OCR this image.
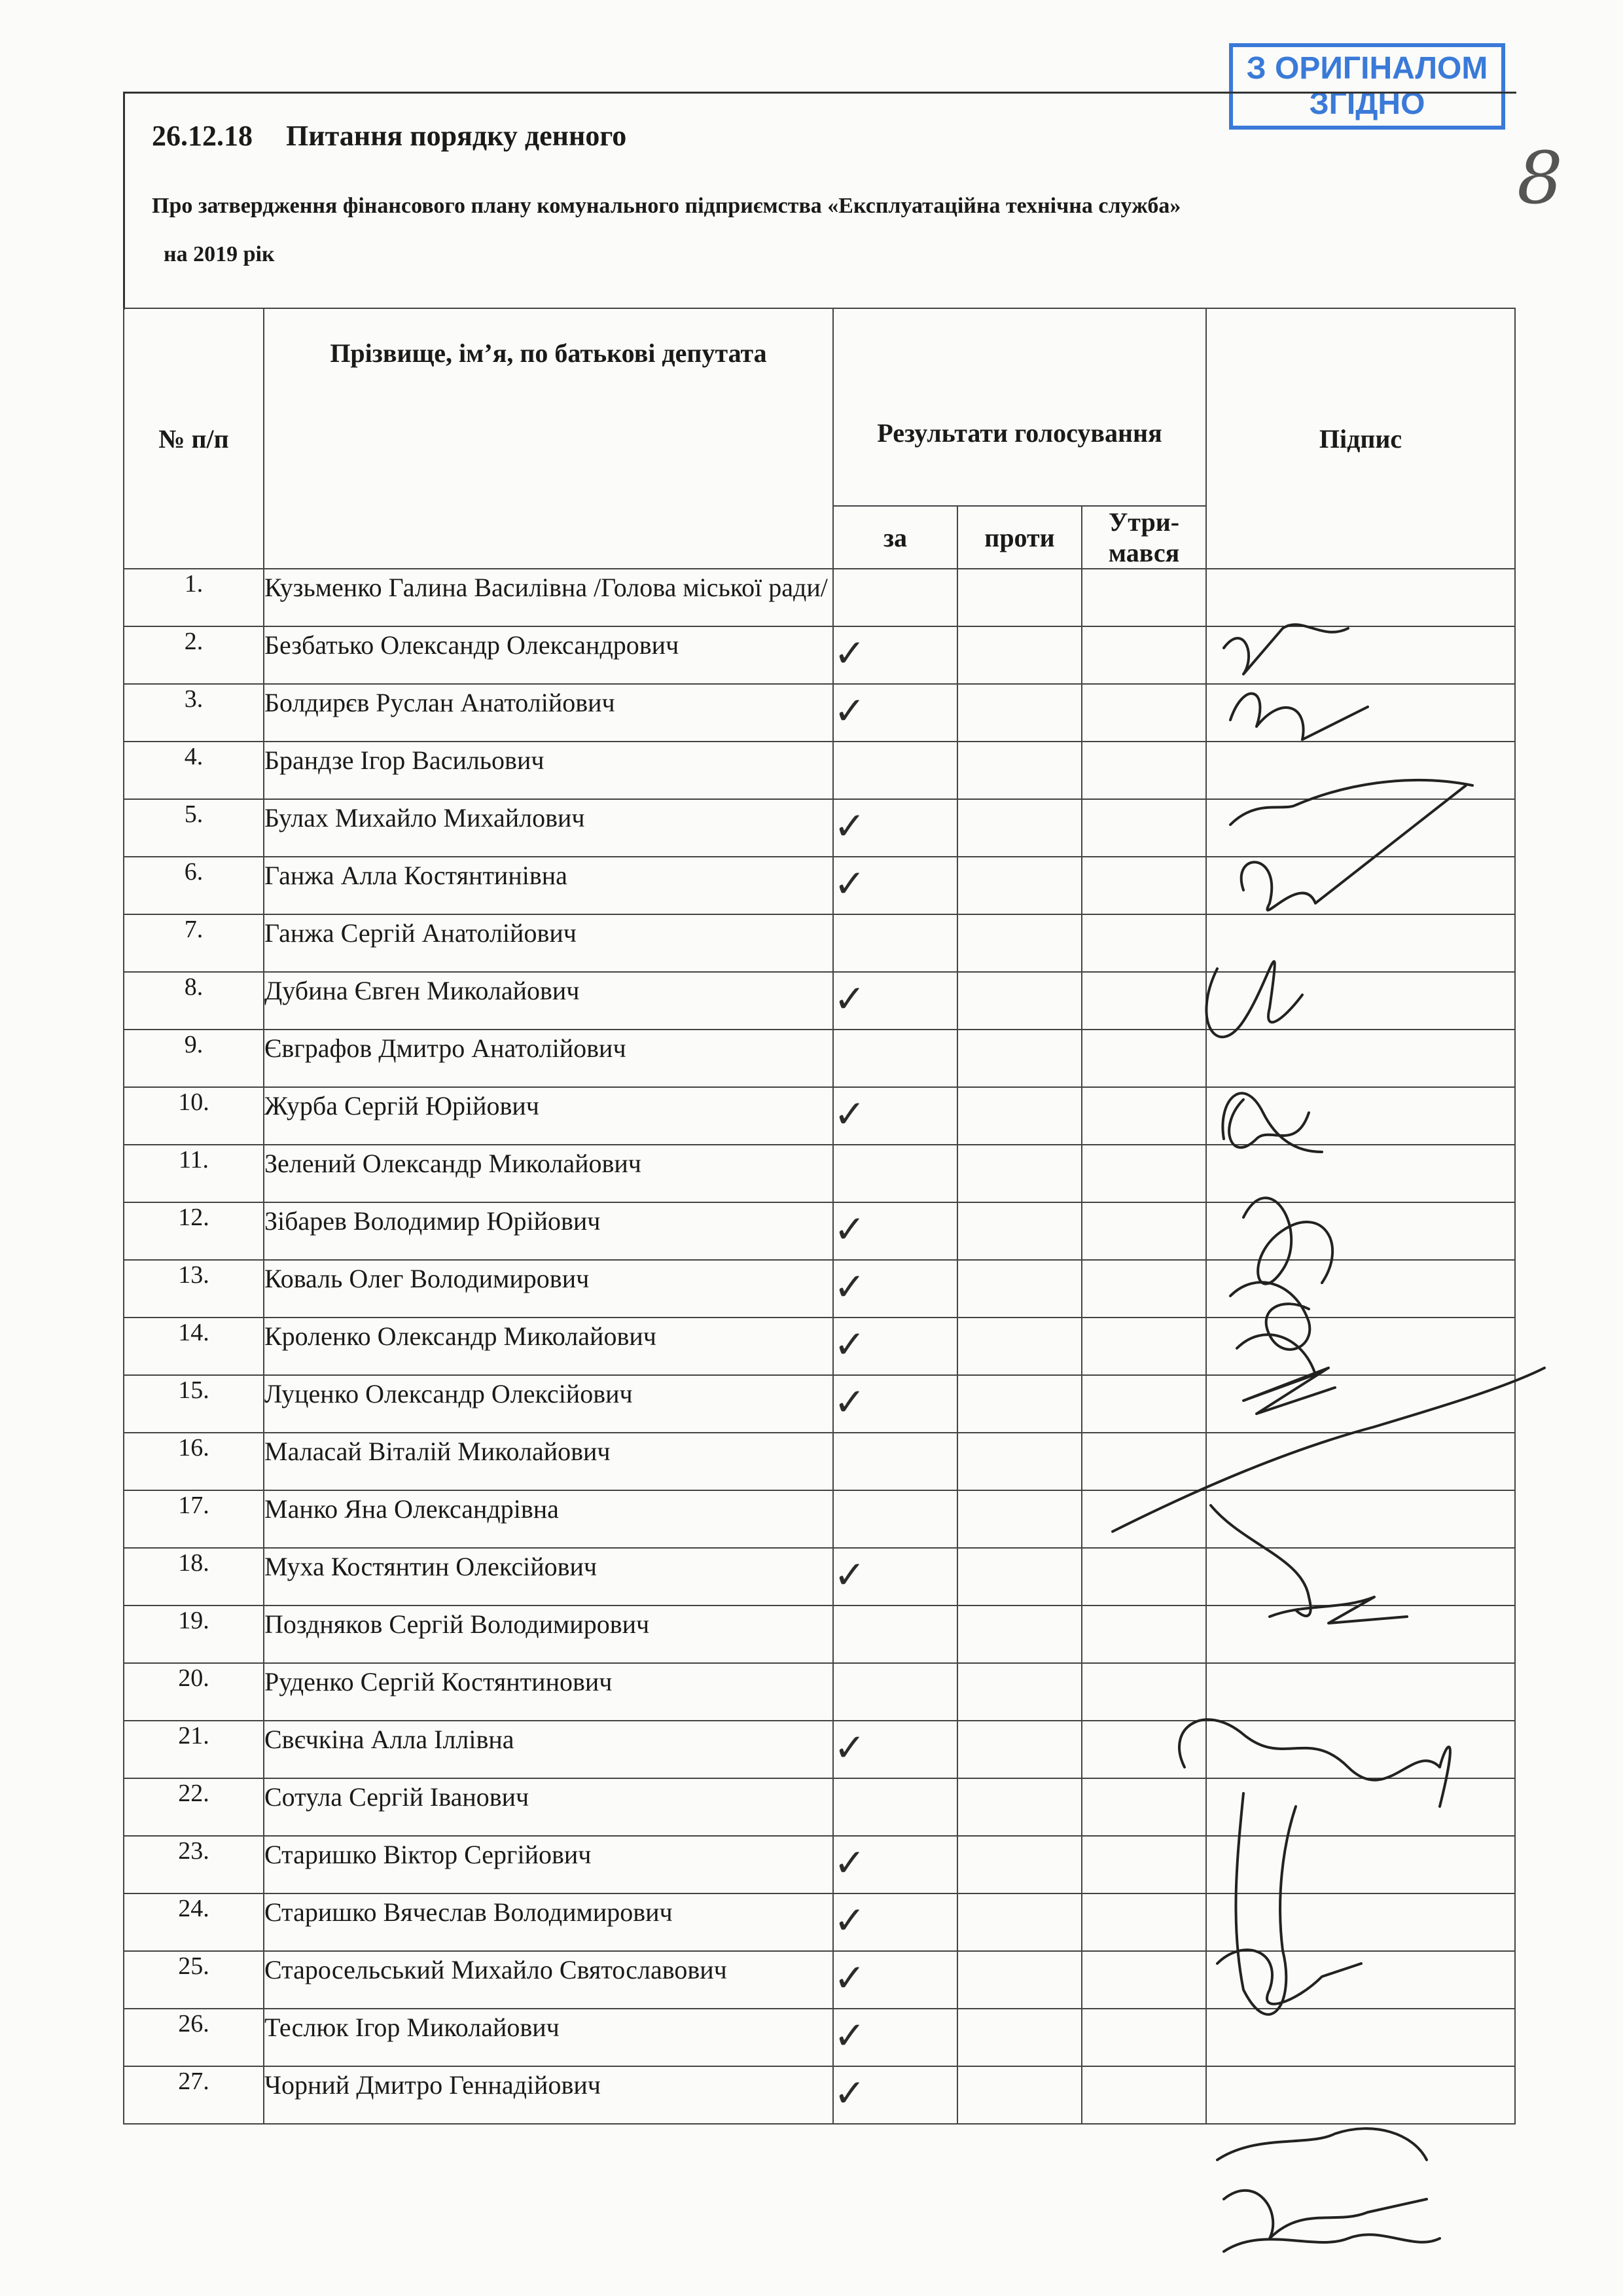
З ОРИГІНАЛОМ
ЗГІДНО
8
26.12.18 Питання порядку денного
Про затвердження фінансового плану комунального підприємства «Експлуатаційна технічна служба»
на 2019 рік
№ п/п	Прізвище, ім’я, по батькові депутата	Результати голосування			Підпис
		за	проти	Утри-мався	
1.	Кузьменко Галина Василівна /Голова міської ради/				
2.	Безбатько Олександр Олександрович	✓			
3.	Болдирєв Руслан Анатолійович	✓			
4.	Брандзе Ігор Васильович				
5.	Булах Михайло Михайлович	✓			
6.	Ганжа Алла Костянтинівна	✓			
7.	Ганжа Сергій Анатолійович				
8.	Дубина Євген Миколайович	✓			
9.	Євграфов Дмитро Анатолійович				
10.	Журба Сергій Юрійович	✓			
11.	Зелений Олександр Миколайович				
12.	Зібарев Володимир Юрійович	✓			
13.	Коваль Олег Володимирович	✓			
14.	Кроленко Олександр Миколайович	✓			
15.	Луценко Олександр Олексійович	✓			
16.	Маласай Віталій Миколайович				
17.	Манко Яна Олександрівна				
18.	Муха Костянтин Олексійович	✓			
19.	Поздняков Сергій Володимирович				
20.	Руденко Сергій Костянтинович				
21.	Свєчкіна Алла Іллівна	✓			
22.	Сотула Сергій Іванович				
23.	Старишко Віктор Сергійович	✓			
24.	Старишко Вячеслав Володимирович	✓			
25.	Старосельський Михайло Святославович	✓			
26.	Теслюк Ігор Миколайович	✓			
27.	Чорний Дмитро Геннадійович	✓			
